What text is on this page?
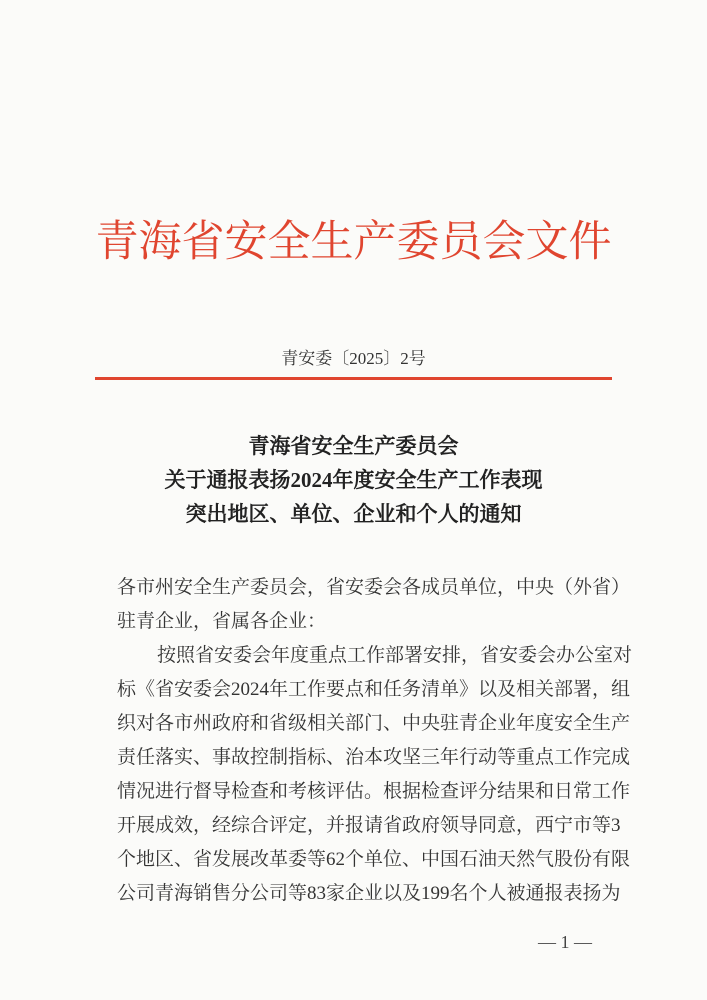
青海省安全生产委员会文件
青安委〔2025〕2号
青海省安全生产委员会
关于通报表扬2024年度安全生产工作表现
突出地区、单位、企业和个人的通知
各市州安全生产委员会，省安委会各成员单位，中央（外省）
驻青企业，省属各企业：
按照省安委会年度重点工作部署安排，省安委会办公室对
标《省安委会2024年工作要点和任务清单》以及相关部署，组
织对各市州政府和省级相关部门、中央驻青企业年度安全生产
责任落实、事故控制指标、治本攻坚三年行动等重点工作完成
情况进行督导检查和考核评估。根据检查评分结果和日常工作
开展成效，经综合评定，并报请省政府领导同意，西宁市等3
个地区、省发展改革委等62个单位、中国石油天然气股份有限
公司青海销售分公司等83家企业以及199名个人被通报表扬为
— 1 —
